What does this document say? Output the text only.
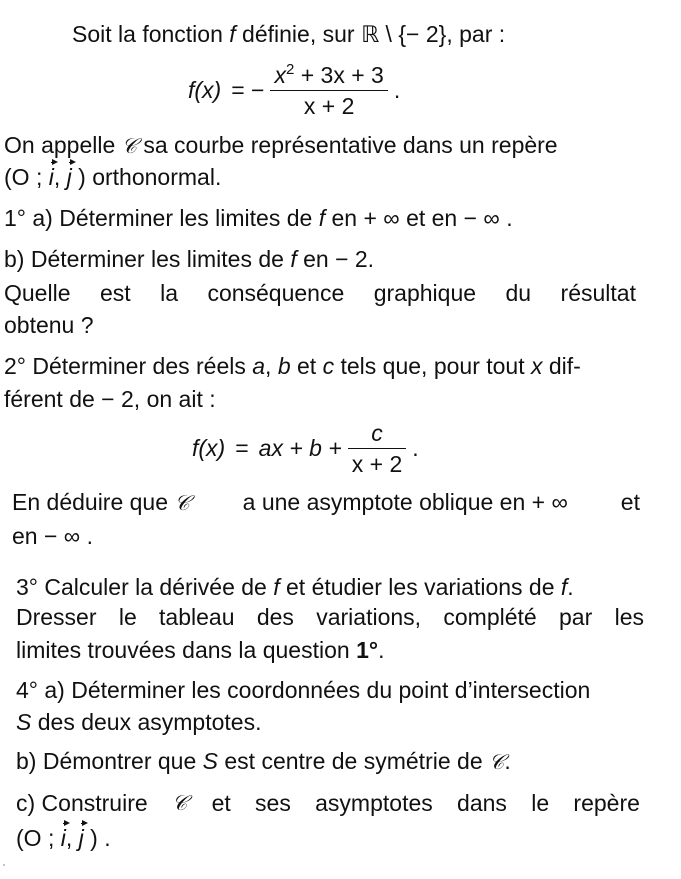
Soit la fonction f définie, sur ℝ \ {− 2}, par :
f(x) = − $\frac{x^2 + 3x + 3}{x + 2}$ .
On appelle 𝒞 sa courbe représentative dans un repère
(O ; i, j ) orthonormal.
1° a) Déterminer les limites de f en + ∞ et en − ∞ .
b) Déterminer les limites de f en − 2.
Quelle est la conséquence graphique du résultat
obtenu ?
2° Déterminer des réels a, b et c tels que, pour tout x dif-
férent de − 2, on ait :
f(x) = ax + $b + \frac{c}{x + 2}$ .
En déduire que 𝒞 a une asymptote oblique en + ∞ et
en − ∞ .
3° Calculer la dérivée de f et étudier les variations de f.
Dresser le tableau des variations, complété par les
limites trouvées dans la question 1°.
4° a) Déterminer les coordonnées du point d’intersection
S des deux asymptotes.
b) Démontrer que S est centre de symétrie de 𝒞.
c) Construire 𝒞 et ses asymptotes dans le repère
(O ; i, j ) .
ˈ
